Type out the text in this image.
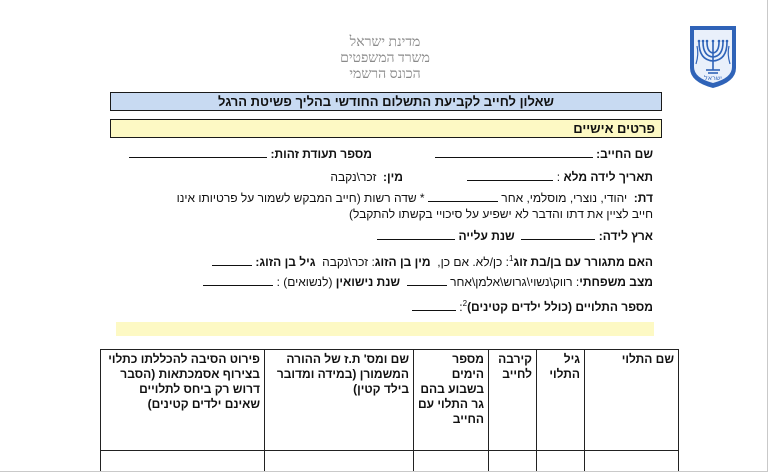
ישראל
מדינת ישראל
משרד המשפטים
הכונס הרשמי
שאלון לחייב לקביעת התשלום החודשי בהליך פשיטת הרגל
פרטים אישיים
שם החייב:
מספר תעודת זהות:
תאריך לידה מלא :
מין:  זכר\נקבה
דת:  יהודי, נוצרי, מוסלמי, אחר  * שדה רשות (חייב המבקש לשמור על פרטיותו אינו
חייב לציין את דתו והדבר לא ישפיע על סיכויי בקשתו להתקבל)
ארץ לידה:   שנת עלייה
האם מתגורר עם בן/בת זוג$^1$: כן/לא. אם כן,  מין בן הזוג: זכר\נקבה  גיל בן הזוג:
מצב משפחתי: רווק\נשוי\גרוש\אלמן\אחר   שנת נישואין (לנשואים) :
מספר התלויים (כולל ילדים קטינים)$^2$:
שם התלוי	גיל התלוי	קירבה לחייב	מספר הימים בשבוע בהם גר התלוי עם החייב	שם ומס' ת.ז של ההורה המשמורן (במידה ומדובר בילד קטין)	פירוט הסיבה להכללתו כתלוי בצירוף אסמכתאות (הסבר דרוש רק ביחס לתלויים שאינם ילדים קטינים)
